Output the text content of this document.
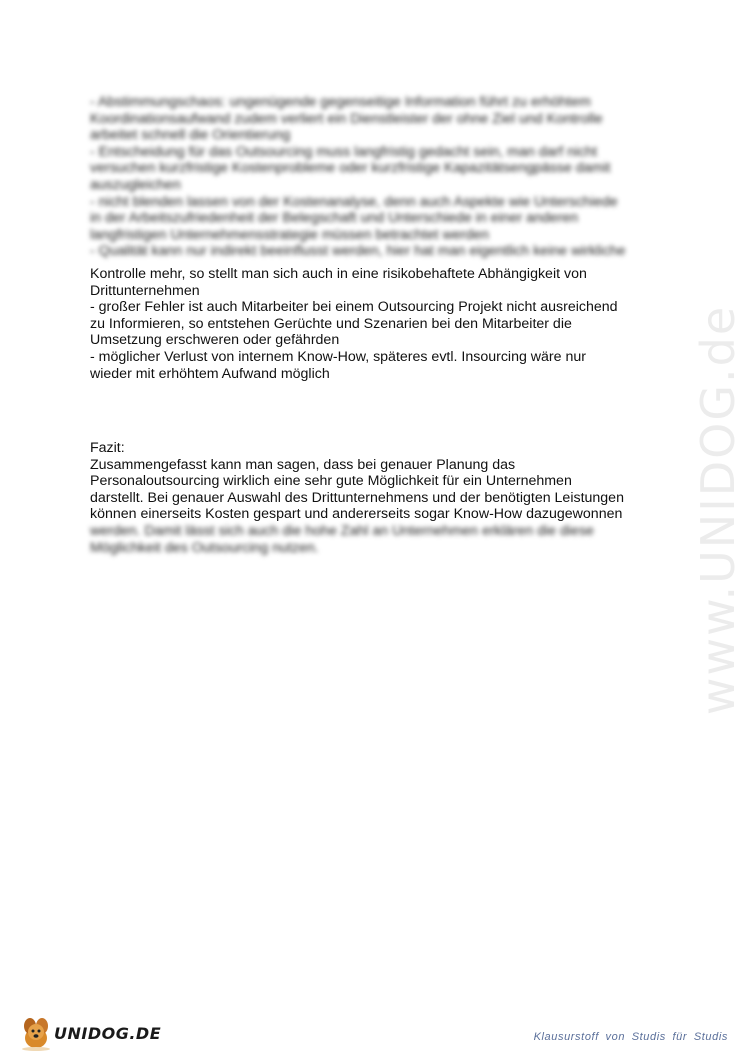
www.UNIDOG.de
- Abstimmungschaos: ungenügende gegenseitige Information führt zu erhöhtem
Koordinationsaufwand zudem verliert ein Dienstleister der ohne Ziel und Kontrolle
arbeitet schnell die Orientierung
- Entscheidung für das Outsourcing muss langfristig gedacht sein, man darf nicht
versuchen kurzfristige Kostenprobleme oder kurzfristige Kapazitätsengpässe damit
auszugleichen
- nicht blenden lassen von der Kostenanalyse, denn auch Aspekte wie Unterschiede
in der Arbeitszufriedenheit der Belegschaft und Unterschiede in einer anderen
langfristigen Unternehmensstrategie müssen betrachtet werden
- Qualität kann nur indirekt beeinflusst werden, hier hat man eigentlich keine wirkliche
Kontrolle mehr, so stellt man sich auch in eine risikobehaftete Abhängigkeit von
Drittunternehmen
- großer Fehler ist auch Mitarbeiter bei einem Outsourcing Projekt nicht ausreichend
zu Informieren, so entstehen Gerüchte und Szenarien bei den Mitarbeiter die
Umsetzung erschweren oder gefährden
- möglicher Verlust von internem Know-How, späteres evtl. Insourcing wäre nur
wieder mit erhöhtem Aufwand möglich
Fazit:
Zusammengefasst kann man sagen, dass bei genauer Planung das
Personaloutsourcing wirklich eine sehr gute Möglichkeit für ein Unternehmen
darstellt. Bei genauer Auswahl des Drittunternehmens und der benötigten Leistungen
können einerseits Kosten gespart und andererseits sogar Know-How dazugewonnen
werden. Damit lässt sich auch die hohe Zahl an Unternehmen erklären die diese
Möglichkeit des Outsourcing nutzen.
UNIDOG.DE	Klausurstoff von Studis für Studis
